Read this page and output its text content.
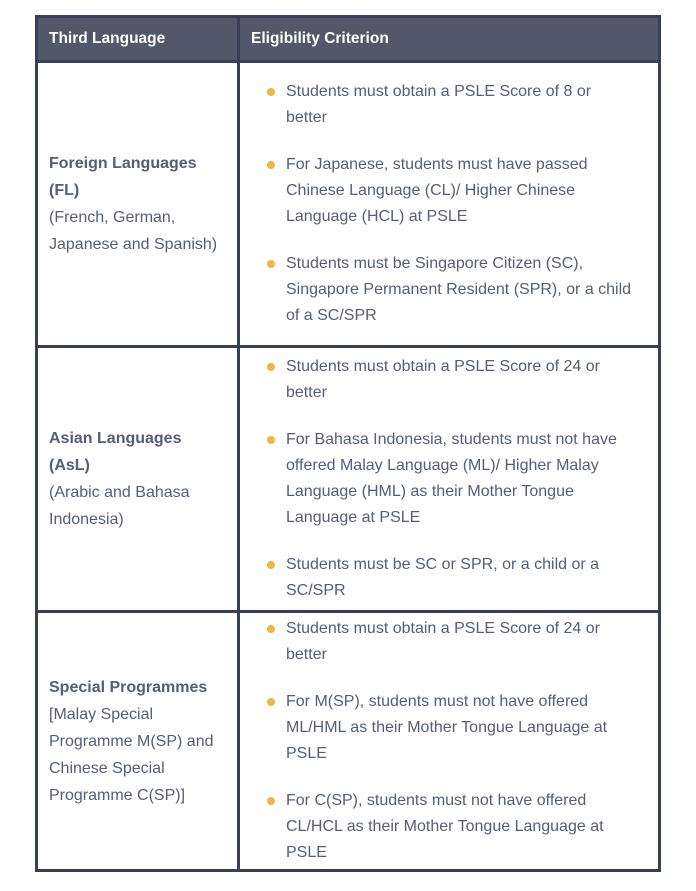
Third Language	Eligibility Criterion
Foreign Languages (FL)
(French, German, Japanese and Spanish)
Students must obtain a PSLE Score of 8 or better
For Japanese, students must have passed Chinese Language (CL)/ Higher Chinese Language (HCL) at PSLE
Students must be Singapore Citizen (SC), Singapore Permanent Resident (SPR), or a child of a SC/SPR
Asian Languages (AsL)
(Arabic and Bahasa Indonesia)
Students must obtain a PSLE Score of 24 or better
For Bahasa Indonesia, students must not have offered Malay Language (ML)/ Higher Malay Language (HML) as their Mother Tongue Language at PSLE
Students must be SC or SPR, or a child or a SC/SPR
Special Programmes
[Malay Special Programme M(SP) and Chinese Special Programme C(SP)]
Students must obtain a PSLE Score of 24 or better
For M(SP), students must not have offered ML/HML as their Mother Tongue Language at PSLE
For C(SP), students must not have offered CL/HCL as their Mother Tongue Language at PSLE
